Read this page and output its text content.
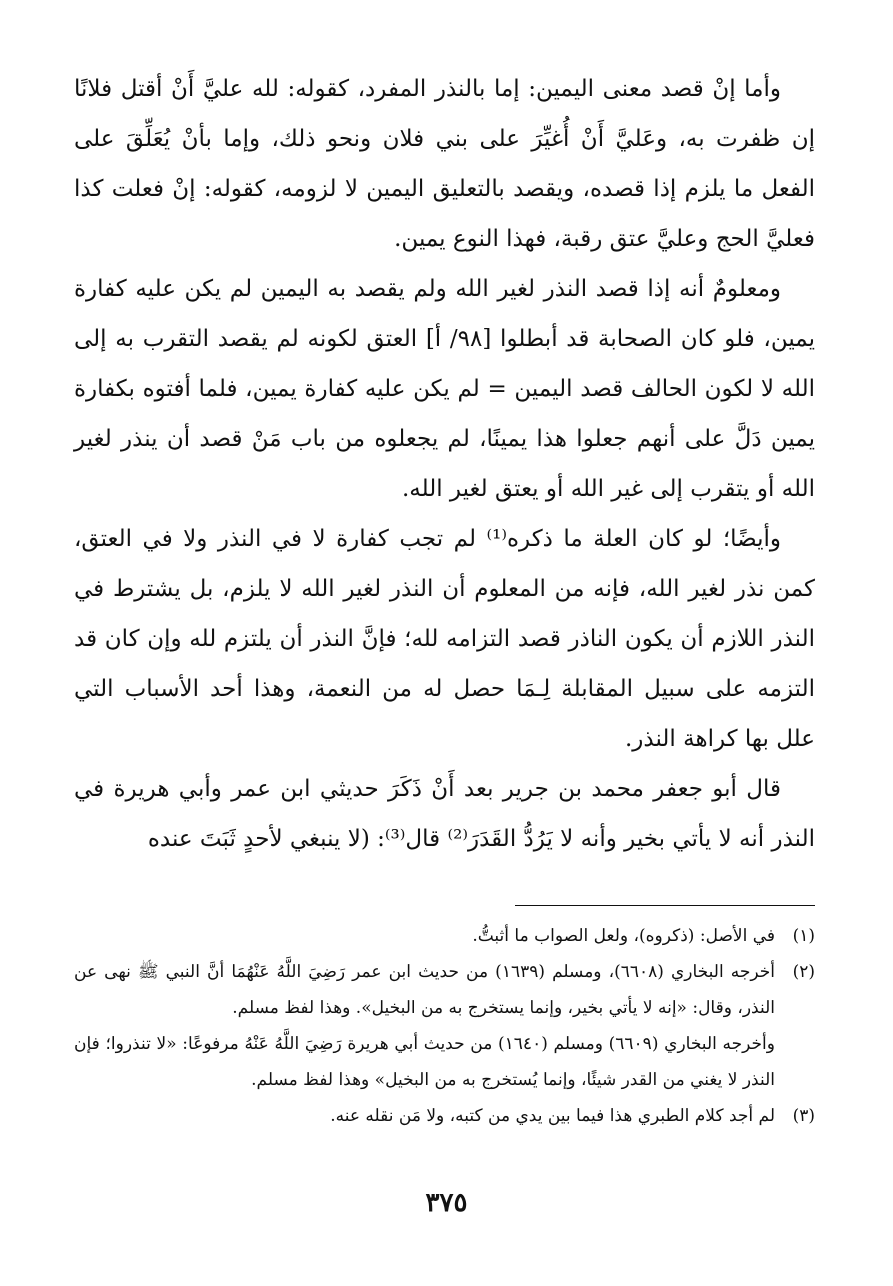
وأما إنْ قصد معنى اليمين: إما بالنذر المفرد، كقوله: لله عليَّ أَنْ أقتل فلانًا إن ظفرت به، وعَليَّ أَنْ أُغيِّرَ على بني فلان ونحو ذلك، وإما بأنْ يُعَلِّقَ على الفعل ما يلزم إذا قصده، ويقصد بالتعليق اليمين لا لزومه، كقوله: إنْ فعلت كذا فعليَّ الحج وعليَّ عتق رقبة، فهذا النوع يمين.

ومعلومٌ أنه إذا قصد النذر لغير الله ولم يقصد به اليمين لم يكن عليه كفارة يمين، فلو كان الصحابة قد أبطلوا [٩٨/ أ] العتق لكونه لم يقصد التقرب به إلى الله لا لكون الحالف قصد اليمين = لم يكن عليه كفارة يمين، فلما أفتوه بكفارة يمين دَلَّ على أنهم جعلوا هذا يمينًا، لم يجعلوه من باب مَنْ قصد أن ينذر لغير الله أو يتقرب إلى غير الله أو يعتق لغير الله.

وأيضًا؛ لو كان العلة ما ذكره⁽¹⁾ لم تجب كفارة لا في النذر ولا في العتق، كمن نذر لغير الله، فإنه من المعلوم أن النذر لغير الله لا يلزم، بل يشترط في النذر اللازم أن يكون الناذر قصد التزامه لله؛ فإنَّ النذر أن يلتزم لله وإن كان قد التزمه على سبيل المقابلة لِـمَا حصل له من النعمة، وهذا أحد الأسباب التي علل بها كراهة النذر.

قال أبو جعفر محمد بن جرير بعد أَنْ ذَكَرَ حديثي ابن عمر وأبي هريرة في النذر أنه لا يأتي بخير وأنه لا يَرُدُّ القَدَرَ⁽²⁾ قال⁽³⁾: (لا ينبغي لأحدٍ ثَبَتَ عنده

(١)
في الأصل: (ذكروه)، ولعل الصواب ما أثبتُّ.
(٢)
أخرجه البخاري (٦٦٠٨)، ومسلم (١٦٣٩) من حديث ابن عمر رَضِيَ اللَّهُ عَنْهُمَا أنَّ النبي ﷺ نهى عن النذر، وقال: «إنه لا يأتي بخير، وإنما يستخرج به من البخيل». وهذا لفظ مسلم.
وأخرجه البخاري (٦٦٠٩) ومسلم (١٦٤٠) من حديث أبي هريرة رَضِيَ اللَّهُ عَنْهُ مرفوعًا: «لا تنذروا؛ فإن النذر لا يغني من القدر شيئًا، وإنما يُستخرج به من البخيل» وهذا لفظ مسلم.
(٣)
لم أجد كلام الطبري هذا فيما بين يدي من كتبه، ولا مَن نقله عنه.
٣٧٥
